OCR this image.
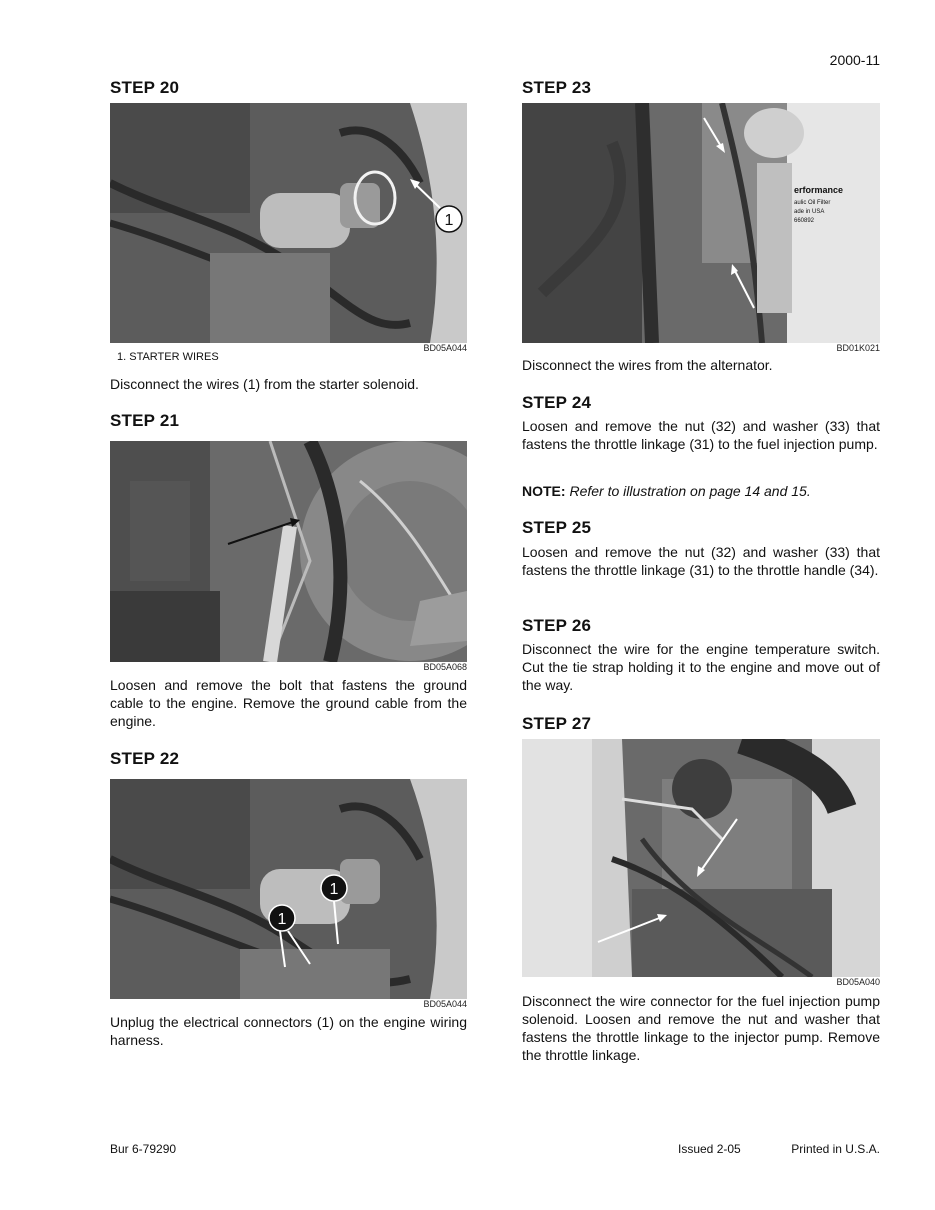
2000-11
STEP 20
1
BD05A044
1. STARTER WIRES
Disconnect the wires (1) from the starter solenoid.
STEP 21
BD05A068
Loosen and remove the bolt that fastens the ground cable to the engine. Remove the ground cable from the engine.
STEP 22
1
1
BD05A044
Unplug the electrical connectors (1) on the engine wiring harness.
STEP 23
erformance
aulic Oil Filter
ade in USA
660892
BD01K021
Disconnect the wires from the alternator.
STEP 24
Loosen and remove the nut (32) and washer (33) that fastens the throttle linkage (31) to the fuel injection pump.
NOTE: Refer to illustration on page 14 and 15.
STEP 25
Loosen and remove the nut (32) and washer (33) that fastens the throttle linkage (31) to the throttle handle (34).
STEP 26
Disconnect the wire for the engine temperature switch. Cut the tie strap holding it to the engine and move out of the way.
STEP 27
BD05A040
Disconnect the wire connector for the fuel injection pump solenoid. Loosen and remove the nut and washer that fastens the throttle linkage to the injector pump. Remove the throttle linkage.
Bur 6-79290	Issued 2-05	Printed in U.S.A.
